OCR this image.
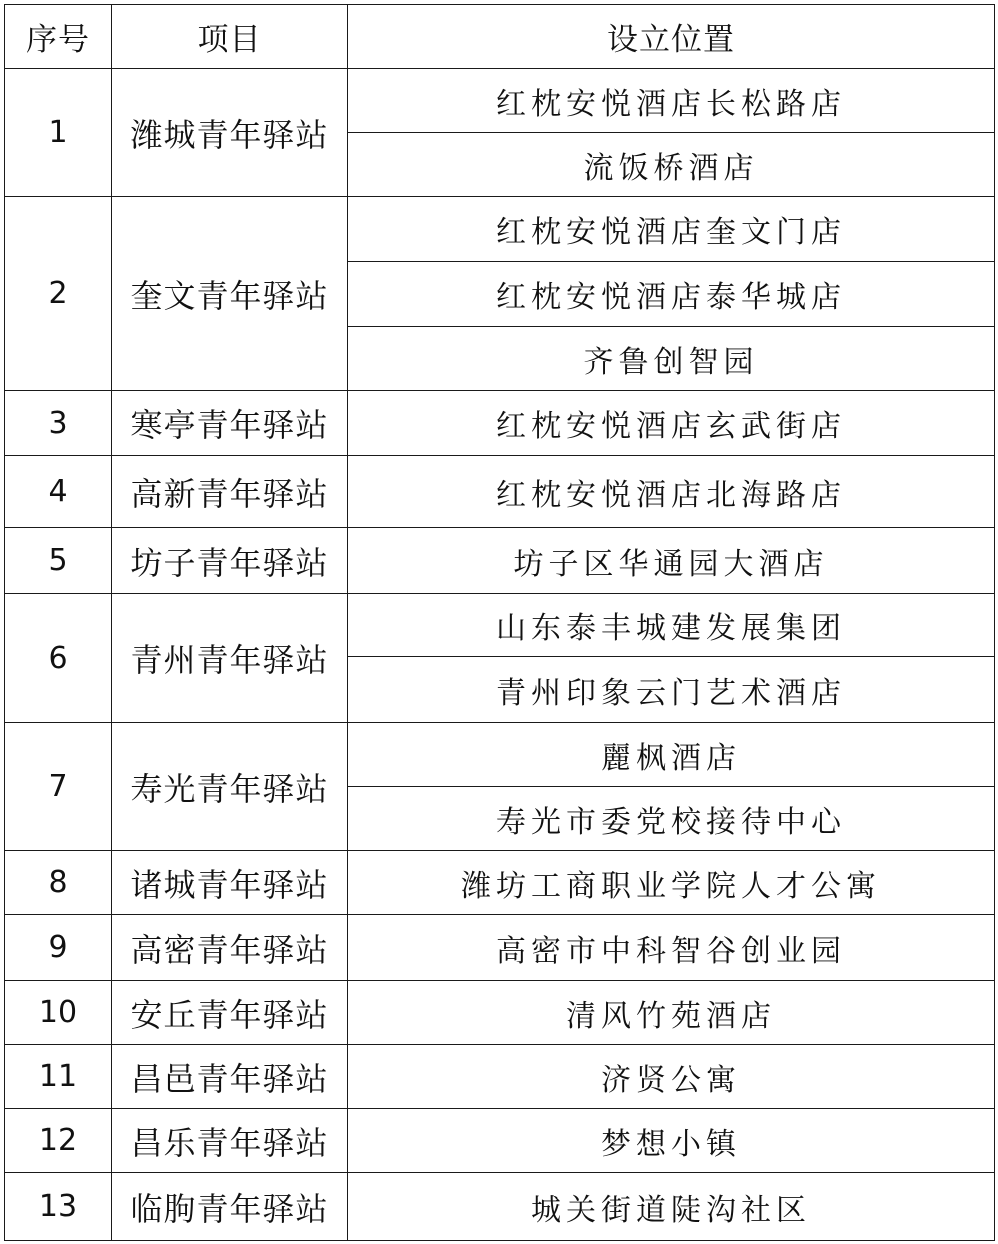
序号	项目	设立位置
1	潍城青年驿站	红枕安悦酒店长松路店
		流饭桥酒店
2	奎文青年驿站	红枕安悦酒店奎文门店
		红枕安悦酒店泰华城店
		齐鲁创智园
3	寒亭青年驿站	红枕安悦酒店玄武街店
4	高新青年驿站	红枕安悦酒店北海路店
5	坊子青年驿站	坊子区华通园大酒店
6	青州青年驿站	山东泰丰城建发展集团
		青州印象云门艺术酒店
7	寿光青年驿站	麗枫酒店
		寿光市委党校接待中心
8	诸城青年驿站	潍坊工商职业学院人才公寓
9	高密青年驿站	高密市中科智谷创业园
10	安丘青年驿站	清风竹苑酒店
11	昌邑青年驿站	济贤公寓
12	昌乐青年驿站	梦想小镇
13	临朐青年驿站	城关街道陡沟社区
